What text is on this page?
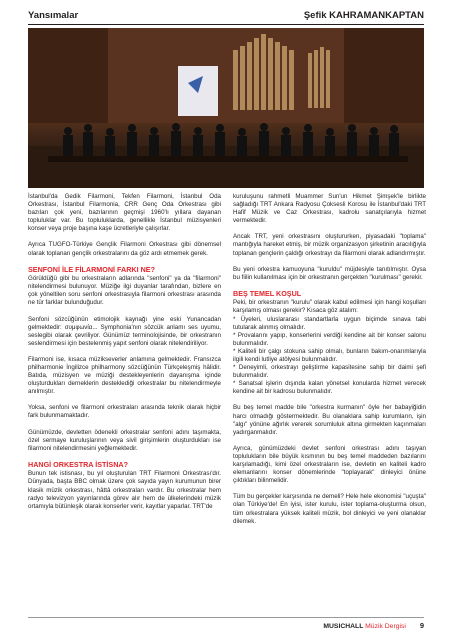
Yansımalar	Şefik KAHRAMANKAPTAN

İstanbul'da Gedik Filarmoni, Tekfen Filarmoni, İstanbul Oda Orkestrası, İstanbul Filarmonia, CRR Genç Oda Orkestrası gibi bazıları çok yeni, bazılarının geçmişi 1960'lı yıllara dayanan topluluklar var. Bu topluluklarda, genellikle İstanbul müzisyenleri konser veya proje başına kaşe ücretleriyle çalışırlar.

Ayrıca TUGFO-Türkiye Gençlik Filarmoni Orkestrası gibi dönemsel olarak toplanan gençlik orkestralarını da göz ardı etmemek gerek.

SENFONİ İLE FİLARMONİ FARKI NE?

Görüldüğü gibi bu orkestraların adlarında "senfoni" ya da "filarmoni" nitelendirmesi bulunuyor. Müziğe ilgi duyanlar tarafından, bizlere en çok yöneltilen soru senfoni orkestrasıyla filarmoni orkestrası arasında ne tür farklar bulunduğudur.

Senfoni sözcüğünün etimolojik kaynağı yine eski Yunancadan gelmektedir: συμφωνία... Symphonia'nın sözcük anlamı ses uyumu, seslegibi olarak çevriliyor. Günümüz terminolojisinde, bir orkestranın seslendirmesi için bestelenmiş yapıt senfoni olarak nitelendiriliyor.

Filarmoni ise, kısaca müzikseverler anlamına gelmektedir. Fransızca philharmonie İngilizce philharmony sözcüğünün Türkçeleşmiş hâlidir. Batıda, müzisyen ve müziği destekleyenlerin dayanışma içinde oluşturdukları derneklerin desteklediği orkestralar bu nitelendirmeyle anılmıştır.

Yoksa, senfoni ve filarmoni orkestraları arasında teknik olarak hiçbir fark bulunmamaktadır.

Günümüzde, devletten ödenekli orkestralar senfoni adını taşımakta, özel sermaye kuruluşlarının veya sivil girişimlerin oluşturdukları ise filarmoni nitelendirmesini yeğlemektedir.

HANGİ ORKESTRA İSTİSNA?

Bunun tek istisnası, bu yıl oluşturulan TRT Filarmoni Orkestrası'dır. Dünyada, başta BBC olmak üzere çok sayıda yayın kurumunun birer klasik müzik orkestrası, hâttâ orkestraları vardır. Bu orkestralar hem radyo televizyon yayınlarında görev alır hem de ülkelerindeki müzik ortamıyla bütünleşik olarak konserler verir, kayıtlar yaparlar. TRT'de

kuruluşunu rahmetli Muammer Sun'un Hikmet Şimşek'le birlikte sağladığı TRT Ankara Radyosu Çoksesli Korosu ile İstanbul'daki TRT Hafif Müzik ve Caz Orkestrası, kadrolu sanatçılarıyla hizmet vermektedir.

Ancak TRT, yeni orkestrasını oluştururken, piyasadaki "toplama" mantığıyla hareket etmiş, bir müzik organizasyon şirketinin aracılığıyla toplanan gençlerin çaldığı orkestrayı da filarmoni olarak adlandırmıştır.

Bu yeni orkestra kamuoyuna "kuruldu" müjdesiyle tanıtılmıştır. Oysa bu fiilin kullanılması için bir orkestranın gerçekten "kurulması" gerekir.

BEŞ TEMEL KOŞUL

Peki, bir orkestranın "kurulu" olarak kabul edilmesi için hangi koşulları karşılamış olması gerekir? Kısaca göz atalım:
* Üyeleri, uluslararası standartlarla uygun biçimde sınava tabi tutularak alınmış olmalıdır.
* Provalarını yapıp, konserlerini verdiği kendine ait bir konser salonu bulunmalıdır.
* Kaliteli bir çalgı stokuna sahip olmalı, bunların bakım-onarımlarıyla ilgili kendi lutliye atölyesi bulunmalıdır.
* Deneyimli, orkestrayı geliştirme kapasitesine sahip bir daimi şefi bulunmalıdır.
* Sanatsal işlerin dışında kalan yönetsel konularda hizmet verecek kendine ait bir kadrosu bulunmalıdır.

Bu beş temel madde bile "orkestra kurmanın" öyle her babayiğidin harcı olmadığı göstermektedir. Bu olanaklara sahip kurumların, işin "algı" yönüne ağırlık vererek sorumluluk altına girmekten kaçınmaları yadırganmalıdır.

Ayrıca, günümüzdeki devlet senfoni orkestrası adını taşıyan toplulukların bile büyük kısmının bu beş temel maddeden bazılarını karşılamadığı, kimi özel orkestraların ise, devletin en kaliteli kadro elemanlarını konser dönemlerinde "toplayarak" dinleyici önüne çıktıkları bilinmelidir.

Tüm bu gerçekler karşısında ne demeli? Hele hele ekonomisi "uçuşta" olan Türkiye'de! En iyisi, ister kurulu, ister toplama-oluşturma olsun, tüm orkestralara yüksek kaliteli müzik, bol dinleyici ve yeni olanaklar dilemek.

MUSICHALL Müzik Dergisi 9
